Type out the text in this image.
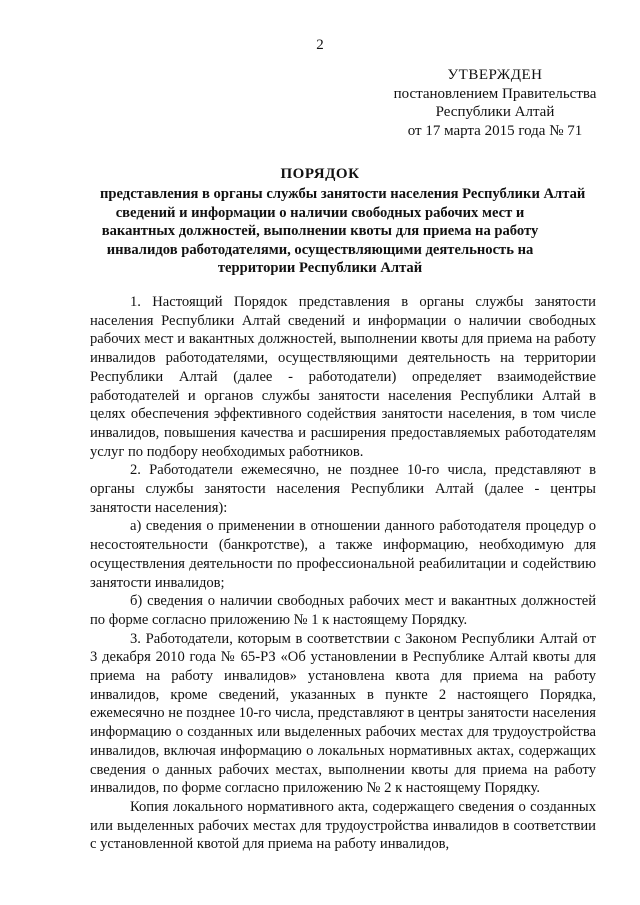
2
УТВЕРЖДЕН
постановлением Правительства
Республики Алтай
от 17 марта 2015 года № 71
ПОРЯДОК
представления в органы службы занятости населения Республики Алтай
сведений и информации о наличии свободных рабочих мест и
вакантных должностей, выполнении квоты для приема на работу
инвалидов работодателями, осуществляющими деятельность на
территории Республики Алтай

1. Настоящий Порядок представления в органы службы занятости населения Республики Алтай сведений и информации о наличии свободных рабочих мест и вакантных должностей, выполнении квоты для приема на работу инвалидов работодателями, осуществляющими деятельность на территории Республики Алтай (далее - работодатели) определяет взаимодействие работодателей и органов службы занятости населения Республики Алтай в целях обеспечения эффективного содействия занятости населения, в том числе инвалидов, повышения качества и расширения предоставляемых работодателям услуг по подбору необходимых работников.

2. Работодатели ежемесячно, не позднее 10-го числа, представляют в органы службы занятости населения Республики Алтай (далее - центры занятости населения):

а) сведения о применении в отношении данного работодателя процедур о несостоятельности (банкротстве), а также информацию, необходимую для осуществления деятельности по профессиональной реабилитации и содействию занятости инвалидов;

б) сведения о наличии свободных рабочих мест и вакантных должностей по форме согласно приложению № 1 к настоящему Порядку.

3. Работодатели, которым в соответствии с Законом Республики Алтай от 3 декабря 2010 года № 65-РЗ «Об установлении в Республике Алтай квоты для приема на работу инвалидов» установлена квота для приема на работу инвалидов, кроме сведений, указанных в пункте 2 настоящего Порядка, ежемесячно не позднее 10-го числа, представляют в центры занятости населения информацию о созданных или выделенных рабочих местах для трудоустройства инвалидов, включая информацию о локальных нормативных актах, содержащих сведения о данных рабочих местах, выполнении квоты для приема на работу инвалидов, по форме согласно приложению № 2 к настоящему Порядку.

Копия локального нормативного акта, содержащего сведения о созданных или выделенных рабочих местах для трудоустройства инвалидов в соответствии с установленной квотой для приема на работу инвалидов,
